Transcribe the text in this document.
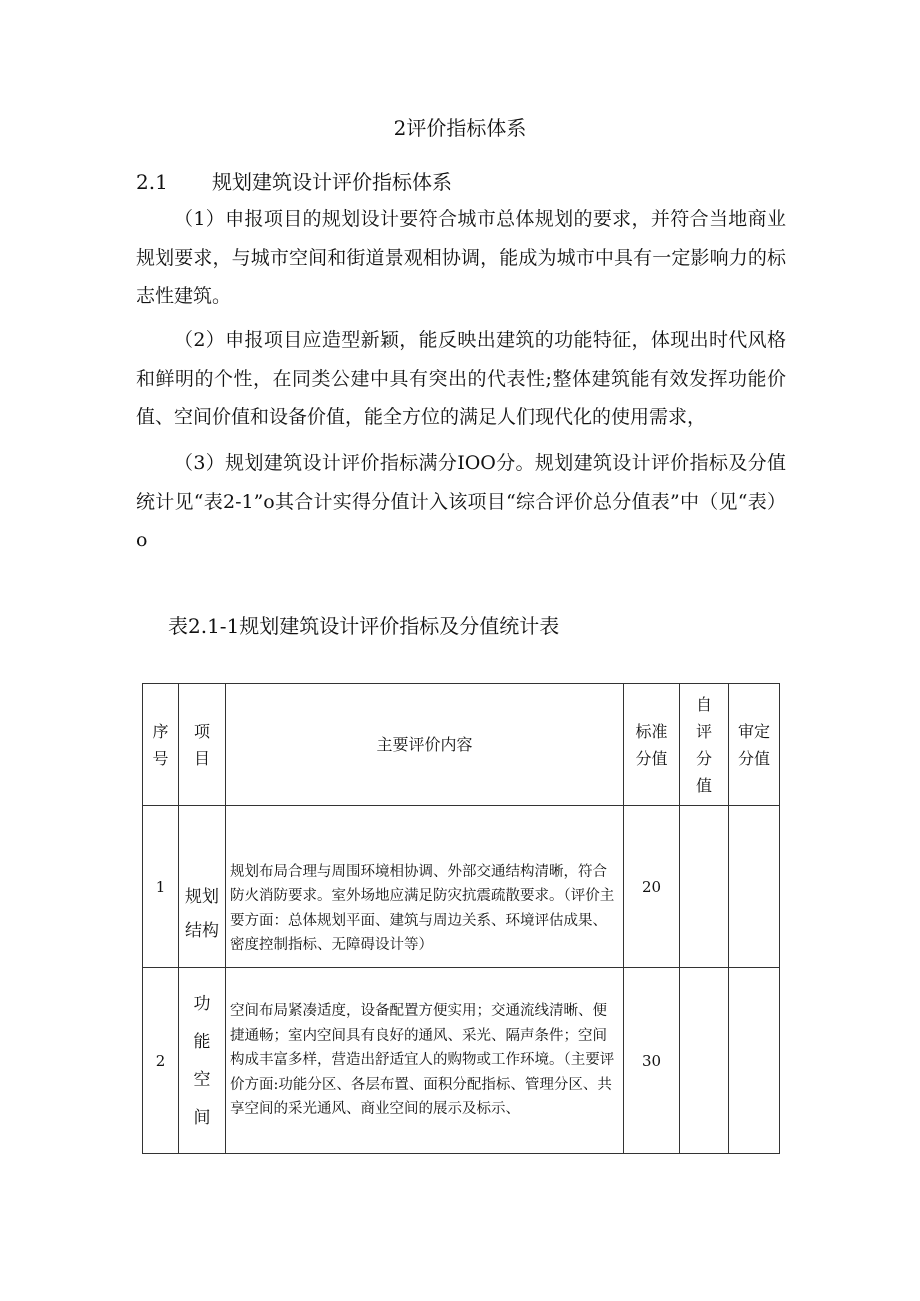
2评价指标体系
2.1 规划建筑设计评价指标体系

（1）申报项目的规划设计要符合城市总体规划的要求，并符合当地商业规划要求，与城市空间和街道景观相协调，能成为城市中具有一定影响力的标志性建筑。

（2）申报项目应造型新颖，能反映出建筑的功能特征，体现出时代风格和鲜明的个性，在同类公建中具有突出的代表性;整体建筑能有效发挥功能价值、空间价值和设备价值，能全方位的满足人们现代化的使用需求，

（3）规划建筑设计评价指标满分IOO分。规划建筑设计评价指标及分值统计见“表2-1”o其合计实得分值计入该项目“综合评价总分值表”中（见“表）o

表2.1-1规划建筑设计评价指标及分值统计表
序号	项目	主要评价内容	标准分值	自评分值	审定分值

1	规划结构	规划布局合理与周围环境相协调、外部交通结构清晰，符合防火消防要求。室外场地应满足防灾抗震疏散要求。（评价主要方面：总体规划平面、建筑与周边关系、环境评估成果、密度控制指标、无障碍设计等）	20		
2	功能空间	空间布局紧凑适度，设备配置方便实用；交通流线清晰、便捷通畅；室内空间具有良好的通风、采光、隔声条件；空间构成丰富多样，营造出舒适宜人的购物或工作环境。（主要评价方面:功能分区、各层布置、面积分配指标、管理分区、共享空间的采光通风、商业空间的展示及标示、	30		
